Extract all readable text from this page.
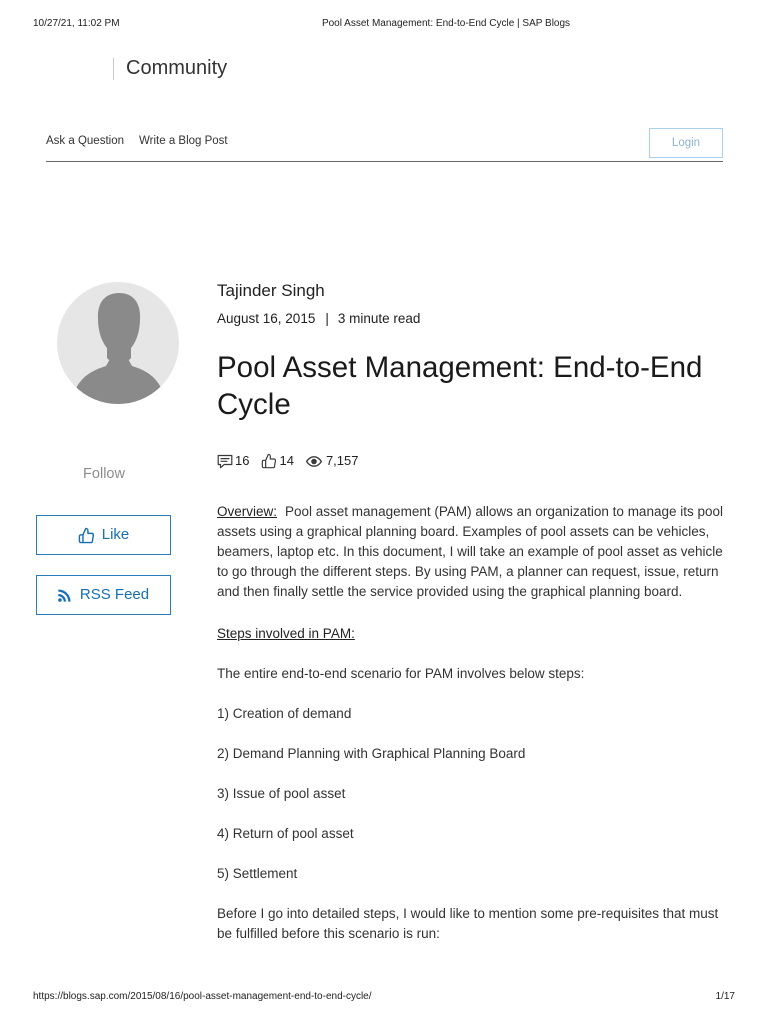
10/27/21, 11:02 PM	Pool Asset Management: End-to-End Cycle | SAP Blogs
Community
Ask a Question Write a Blog Post	Login
Follow
Like
RSS Feed
Tajinder Singh
August 16, 2015 | 3 minute read
Pool Asset Management: End-to-End Cycle
16 14 7,157

Overview: Pool asset management (PAM) allows an organization to manage its pool assets using a graphical planning board. Examples of pool assets can be vehicles, beamers, laptop etc. In this document, I will take an example of pool asset as vehicle to go through the different steps. By using PAM, a planner can request, issue, return and then finally settle the service provided using the graphical planning board.

Steps involved in PAM:

The entire end-to-end scenario for PAM involves below steps:

1) Creation of demand

2) Demand Planning with Graphical Planning Board

3) Issue of pool asset

4) Return of pool asset

5) Settlement

Before I go into detailed steps, I would like to mention some pre-requisites that must be fulfilled before this scenario is run:

https://blogs.sap.com/2015/08/16/pool-asset-management-end-to-end-cycle/	1/17
